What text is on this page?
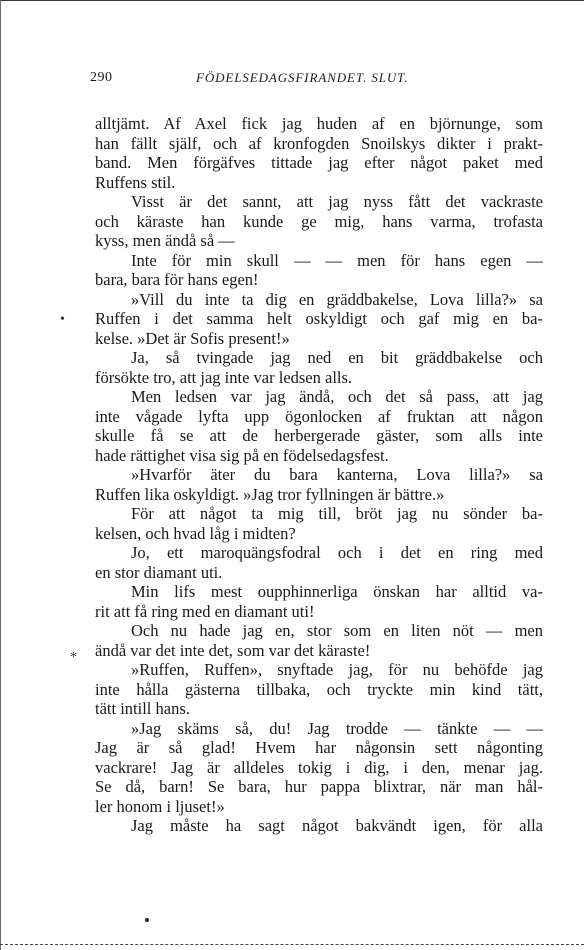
290	FÖDELSEDAGSFIRANDET. SLUT.
alltjämt. Af Axel fick jag huden af en björnunge, som
han fällt själf, och af kronfogden Snoilskys dikter i prakt-
band. Men förgäfves tittade jag efter något paket med
Ruffens stil.
Visst är det sannt, att jag nyss fått det vackraste
och käraste han kunde ge mig, hans varma, trofasta
kyss, men ändå så —
Inte för min skull — — men för hans egen —
bara, bara för hans egen!
»Vill du inte ta dig en gräddbakelse, Lova lilla?» sa
Ruffen i det samma helt oskyldigt och gaf mig en ba-
kelse. »Det är Sofis present!»
Ja, så tvingade jag ned en bit gräddbakelse och
försökte tro, att jag inte var ledsen alls.
Men ledsen var jag ändå, och det så pass, att jag
inte vågade lyfta upp ögonlocken af fruktan att någon
skulle få se att de herbergerade gäster, som alls inte
hade rättighet visa sig på en födelsedagsfest.
»Hvarför äter du bara kanterna, Lova lilla?» sa
Ruffen lika oskyldigt. »Jag tror fyllningen är bättre.»
För att något ta mig till, bröt jag nu sönder ba-
kelsen, och hvad låg i midten?
Jo, ett maroquängsfodral och i det en ring med
en stor diamant uti.
Min lifs mest oupphinnerliga önskan har alltid va-
rit att få ring med en diamant uti!
Och nu hade jag en, stor som en liten nöt — men
ändå var det inte det, som var det käraste!
»Ruffen, Ruffen», snyftade jag, för nu behöfde jag
inte hålla gästerna tillbaka, och tryckte min kind tätt,
tätt intill hans.
»Jag skäms så, du! Jag trodde — tänkte — —
Jag är så glad! Hvem har någonsin sett någonting
vackrare! Jag är alldeles tokig i dig, i den, menar jag.
Se då, barn! Se bara, hur pappa blixtrar, när man hål-
ler honom i ljuset!»
Jag måste ha sagt något bakvändt igen, för alla
•
*
